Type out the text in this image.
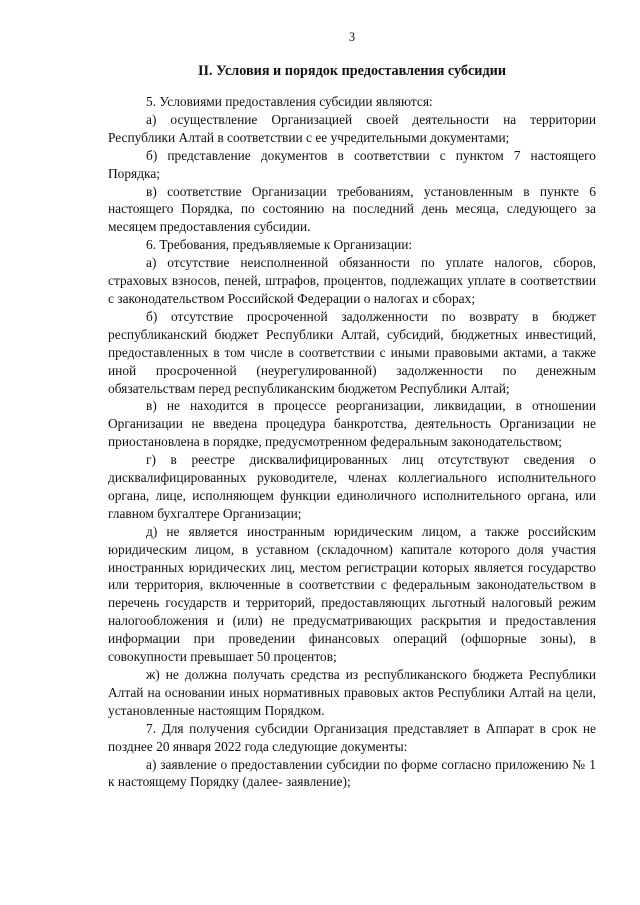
3
II. Условия и порядок предоставления субсидии

5. Условиями предоставления субсидии являются:

а) осуществление Организацией своей деятельности на территории Республики Алтай в соответствии с ее учредительными документами;

б) представление документов в соответствии с пунктом 7 настоящего Порядка;

в) соответствие Организации требованиям, установленным в пункте 6 настоящего Порядка, по состоянию на последний день месяца, следующего за месяцем предоставления субсидии.

6. Требования, предъявляемые к Организации:

а) отсутствие неисполненной обязанности по уплате налогов, сборов, страховых взносов, пеней, штрафов, процентов, подлежащих уплате в соответствии с законодательством Российской Федерации о налогах и сборах;

б) отсутствие просроченной задолженности по возврату в бюджет республиканский бюджет Республики Алтай, субсидий, бюджетных инвестиций, предоставленных в том числе в соответствии с иными правовыми актами, а также иной просроченной (неурегулированной) задолженности по денежным обязательствам перед республиканским бюджетом Республики Алтай;

в) не находится в процессе реорганизации, ликвидации, в отношении Организации не введена процедура банкротства, деятельность Организации не приостановлена в порядке, предусмотренном федеральным законодательством;

г) в реестре дисквалифицированных лиц отсутствуют сведения о дисквалифицированных руководителе, членах коллегиального исполнительного органа, лице, исполняющем функции единоличного исполнительного органа, или главном бухгалтере Организации;

д) не является иностранным юридическим лицом, а также российским юридическим лицом, в уставном (складочном) капитале которого доля участия иностранных юридических лиц, местом регистрации которых является государство или территория, включенные в соответствии с федеральным законодательством в перечень государств и территорий, предоставляющих льготный налоговый режим налогообложения и (или) не предусматривающих раскрытия и предоставления информации при проведении финансовых операций (офшорные зоны), в совокупности превышает 50 процентов;

ж) не должна получать средства из республиканского бюджета Республики Алтай на основании иных нормативных правовых актов Республики Алтай на цели, установленные настоящим Порядком.

7. Для получения субсидии Организация представляет в Аппарат в срок не позднее 20 января 2022 года следующие документы:

а) заявление о предоставлении субсидии по форме согласно приложению № 1 к настоящему Порядку (далее- заявление);
